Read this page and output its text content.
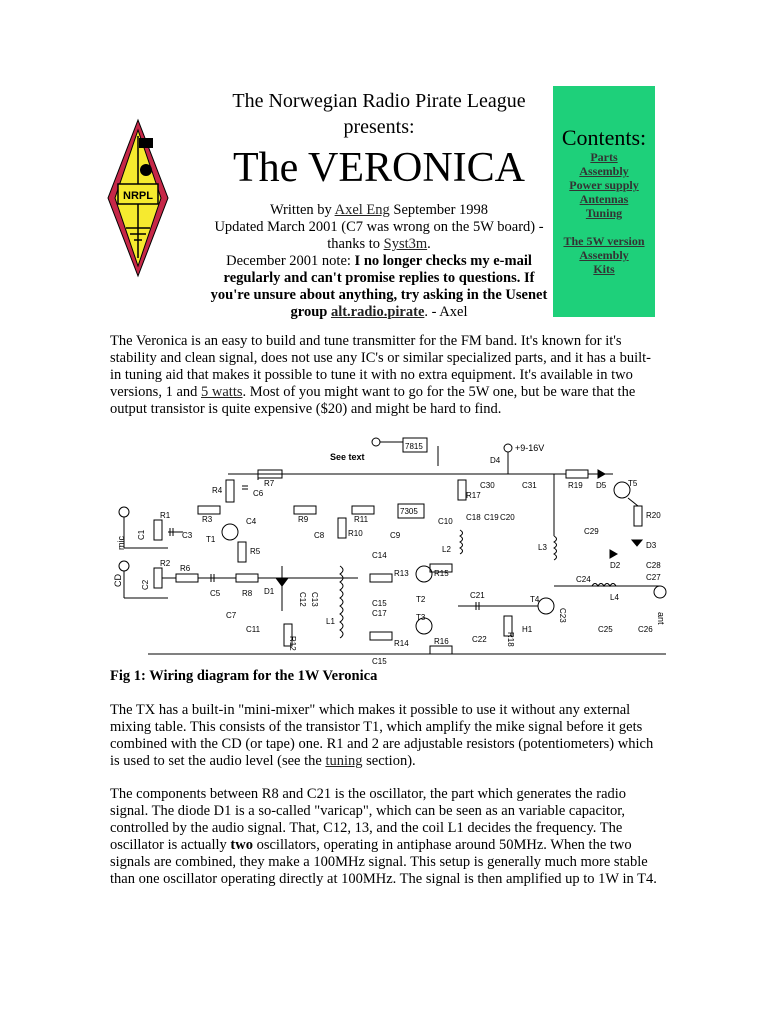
NRPL
The Norwegian Radio Pirate League presents:
The VERONICA
Written by Axel Eng September 1998
Updated March 2001 (C7 was wrong on the 5W board) - thanks to Syst3m.
December 2001 note: I no longer checks my e-mail regularly and can't promise replies to questions. If you're unsure about anything, try asking in the Usenet group alt.radio.pirate. - Axel
Contents:
Parts
Assembly
Power supply
Antennas
Tuning
The 5W version
Assembly
Kits
The Veronica is an easy to build and tune transmitter for the FM band. It's known for it's stability and clean signal, does not use any IC's or similar specialized parts, and it has a built-in tuning aid that makes it possible to tune it with no extra equipment. It's available in two versions, 1 and 5 watts. Most of you might want to go for the 5W one, but be ware that the output transistor is quite expensive ($20) and might be hard to find.
7815
See text
+9-16V
D4
R7
R4	C6
mic
C1
R1
C3
R3
T1
C4
R5
CD C2
R2
R6
C5	R8
C7
D1
C11
R12
C12 C13
R9
C8	R10
R11
C9
7305
C10
L1
C14
R13
C15
C17
R14
C15
T2
T3
R15
R16
C18 C19 C20
L2
R17
C30	C31
C21
C22 R18
H1
T4
L3
C24
C23
L4
C25	C26
ant
R19 D5	T5
R20
C29
D3
D2	C28
C27
Fig 1: Wiring diagram for the 1W Veronica
The TX has a built-in "mini-mixer" which makes it possible to use it without any external mixing table. This consists of the transistor T1, which amplify the mike signal before it gets combined with the CD (or tape) one. R1 and 2 are adjustable resistors (potentiometers) which is used to set the audio level (see the tuning section).
The components between R8 and C21 is the oscillator, the part which generates the radio signal. The diode D1 is a so-called "varicap", which can be seen as an variable capacitor, controlled by the audio signal. That, C12, 13, and the coil L1 decides the frequency. The oscillator is actually two oscillators, operating in antiphase around 50MHz. When the two signals are combined, they make a 100MHz signal. This setup is generally much more stable than one oscillator operating directly at 100MHz. The signal is then amplified up to 1W in T4.
